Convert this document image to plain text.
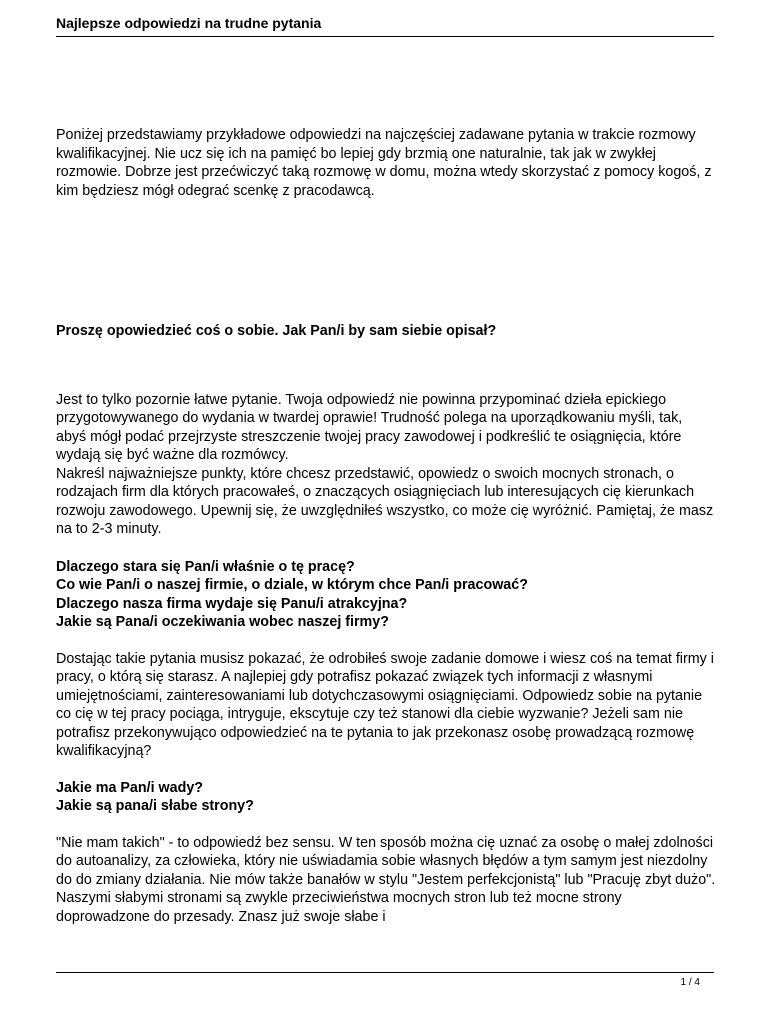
Najlepsze odpowiedzi na trudne pytania

Poniżej przedstawiamy przykładowe odpowiedzi na najczęściej zadawane pytania w trakcie rozmowy kwalifikacyjnej. Nie ucz się ich na pamięć bo lepiej gdy brzmią one naturalnie, tak jak w zwykłej rozmowie. Dobrze jest przećwiczyć taką rozmowę w domu, można wtedy skorzystać z pomocy kogoś, z kim będziesz mógł odegrać scenkę z pracodawcą.

Proszę opowiedzieć coś o sobie. Jak Pan/i by sam siebie opisał?

Jest to tylko pozornie łatwe pytanie. Twoja odpowiedź nie powinna przypominać dzieła epickiego przygotowywanego do wydania w twardej oprawie! Trudność polega na uporządkowaniu myśli, tak, abyś mógł podać przejrzyste streszczenie twojej pracy zawodowej i podkreślić te osiągnięcia, które wydają się być ważne dla rozmówcy.

Nakreśl najważniejsze punkty, które chcesz przedstawić, opowiedz o swoich mocnych stronach, o rodzajach firm dla których pracowałeś, o znaczących osiągnięciach lub interesujących cię kierunkach rozwoju zawodowego. Upewnij się, że uwzględniłeś wszystko, co może cię wyróżnić. Pamiętaj, że masz na to 2-3 minuty.

Dlaczego stara się Pan/i właśnie o tę pracę?

Co wie Pan/i o naszej firmie, o dziale, w którym chce Pan/i pracować?

Dlaczego nasza firma wydaje się Panu/i atrakcyjna?

Jakie są Pana/i oczekiwania wobec naszej firmy?

Dostając takie pytania musisz pokazać, że odrobiłeś swoje zadanie domowe i wiesz coś na temat firmy i pracy, o którą się starasz. A najlepiej gdy potrafisz pokazać związek tych informacji z własnymi umiejętnościami, zainteresowaniami lub dotychczasowymi osiągnięciami. Odpowiedz sobie na pytanie co cię w tej pracy pociąga, intryguje, ekscytuje czy też stanowi dla ciebie wyzwanie? Jeżeli sam nie potrafisz przekonywująco odpowiedzieć na te pytania to jak przekonasz osobę prowadzącą rozmowę kwalifikacyjną?

Jakie ma Pan/i wady?

Jakie są pana/i słabe strony?

"Nie mam takich" - to odpowiedź bez sensu. W ten sposób można cię uznać za osobę o małej zdolności do autoanalizy, za człowieka, który nie uświadamia sobie własnych błędów a tym samym jest niezdolny do do zmiany działania. Nie mów także banałów w stylu "Jestem perfekcjonistą" lub "Pracuję zbyt dużo". Naszymi słabymi stronami są zwykle przeciwieństwa mocnych stron lub też mocne strony doprowadzone do przesady. Znasz już swoje słabe i

1 / 4
